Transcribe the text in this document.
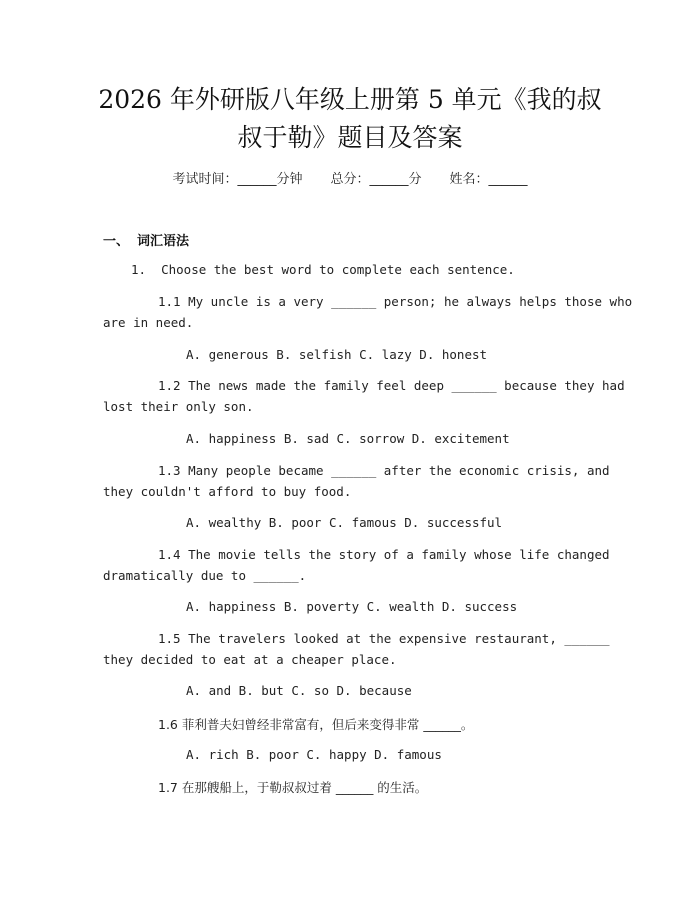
2026 年外研版八年级上册第 5 单元《我的叔
叔于勒》题目及答案
考试时间：______分钟 总分：______分 姓名：______
一、 词汇语法
1.  Choose the best word to complete each sentence.
1.1 My uncle is a very ______ person; he always helps those who
are in need.
A. generous B. selfish C. lazy D. honest
1.2 The news made the family feel deep ______ because they had
lost their only son.
A. happiness B. sad C. sorrow D. excitement
1.3 Many people became ______ after the economic crisis, and
they couldn't afford to buy food.
A. wealthy B. poor C. famous D. successful
1.4 The movie tells the story of a family whose life changed
dramatically due to ______.
A. happiness B. poverty C. wealth D. success
1.5 The travelers looked at the expensive restaurant, ______
they decided to eat at a cheaper place.
A. and B. but C. so D. because
1.6 菲利普夫妇曾经非常富有，但后来变得非常 ______。
A. rich B. poor C. happy D. famous
1.7 在那艘船上，于勒叔叔过着 ______ 的生活。
